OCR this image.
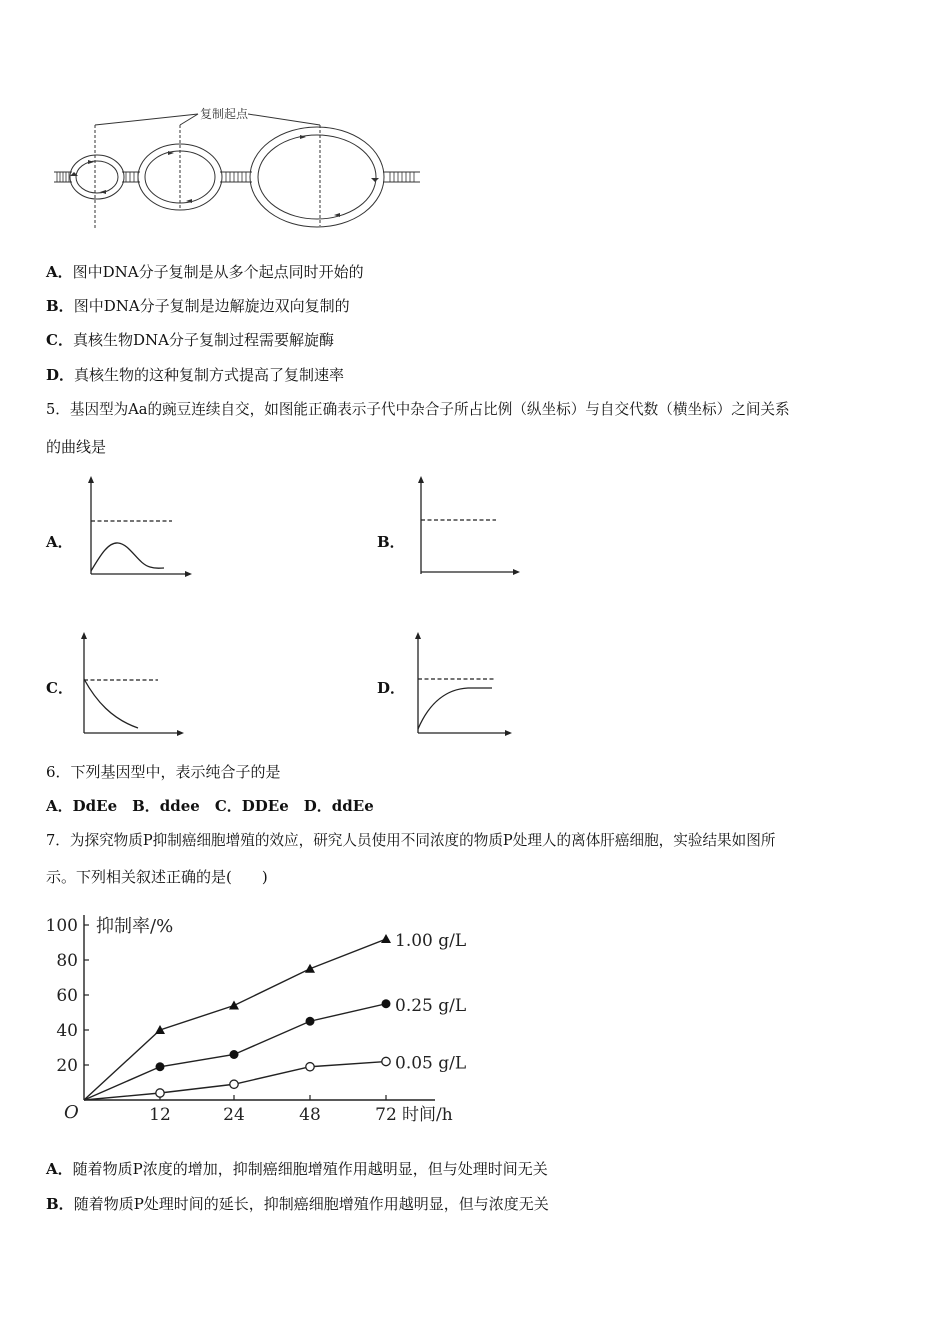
复制起点
A．图中DNA分子复制是从多个起点同时开始的
B．图中DNA分子复制是边解旋边双向复制的
C．真核生物DNA分子复制过程需要解旋酶
D．真核生物的这种复制方式提高了复制速率
5．基因型为Aa的豌豆连续自交，如图能正确表示子代中杂合子所占比例（纵坐标）与自交代数（横坐标）之间关系
的曲线是
A．	B．
C．	D．
6．下列基因型中，表示纯合子的是
A．DdEe　B．ddee　C．DDEe　D．ddEe
7．为探究物质P抑制癌细胞增殖的效应，研究人员使用不同浓度的物质P处理人的离体肝癌细胞，实验结果如图所
示。下列相关叙述正确的是(　　)
100
80
60
40
20
12	24	48	72
O
抑制率/%
时间/h
1.00 g/L
0.25 g/L
0.05 g/L
A．随着物质P浓度的增加，抑制癌细胞增殖作用越明显，但与处理时间无关
B．随着物质P处理时间的延长，抑制癌细胞增殖作用越明显，但与浓度无关
